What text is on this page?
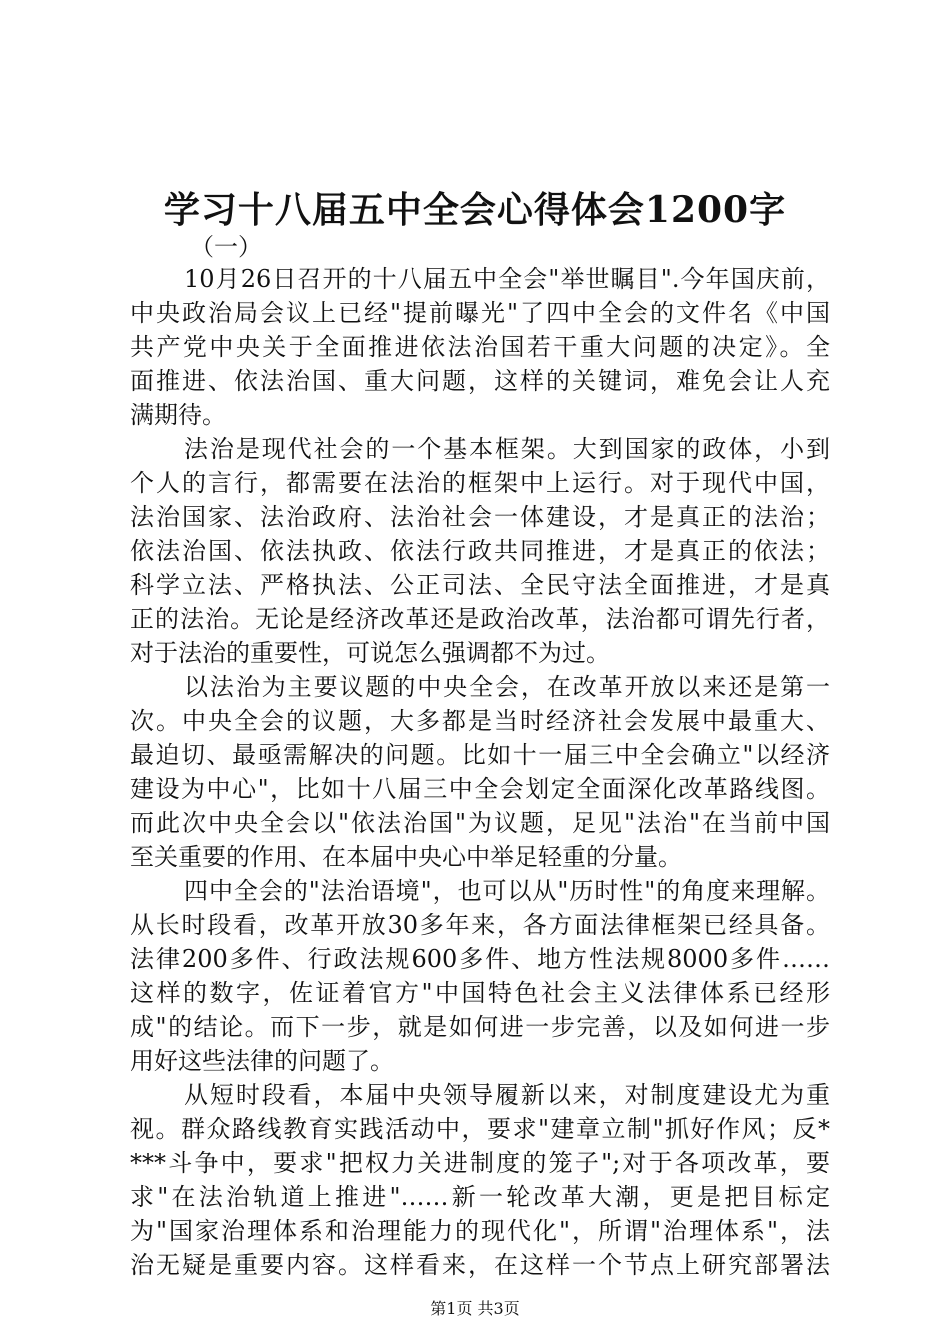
学习十八届五中全会心得体会1200字
（一）
10月26日召开的十八届五中全会"举世瞩目".今年国庆前，
中央政治局会议上已经"提前曝光"了四中全会的文件名《中国
共产党中央关于全面推进依法治国若干重大问题的决定》。全
面推进、依法治国、重大问题，这样的关键词，难免会让人充
满期待。
法治是现代社会的一个基本框架。大到国家的政体，小到
个人的言行，都需要在法治的框架中上运行。对于现代中国，
法治国家、法治政府、法治社会一体建设，才是真正的法治；
依法治国、依法执政、依法行政共同推进，才是真正的依法；
科学立法、严格执法、公正司法、全民守法全面推进，才是真
正的法治。无论是经济改革还是政治改革，法治都可谓先行者，
对于法治的重要性，可说怎么强调都不为过。
以法治为主要议题的中央全会，在改革开放以来还是第一
次。中央全会的议题，大多都是当时经济社会发展中最重大、
最迫切、最亟需解决的问题。比如十一届三中全会确立"以经济
建设为中心"，比如十八届三中全会划定全面深化改革路线图。
而此次中央全会以"依法治国"为议题，足见"法治"在当前中国
至关重要的作用、在本届中央心中举足轻重的分量。
四中全会的"法治语境"，也可以从"历时性"的角度来理解。
从长时段看，改革开放30多年来，各方面法律框架已经具备。
法律200多件、行政法规600多件、地方性法规8000多件……
这样的数字，佐证着官方"中国特色社会主义法律体系已经形
成"的结论。而下一步，就是如何进一步完善，以及如何进一步
用好这些法律的问题了。
从短时段看，本届中央领导履新以来，对制度建设尤为重
视。群众路线教育实践活动中，要求"建章立制"抓好作风；反*
***斗争中，要求"把权力关进制度的笼子";对于各项改革，要
求"在法治轨道上推进"……新一轮改革大潮，更是把目标定
为"国家治理体系和治理能力的现代化"，所谓"治理体系"，法
治无疑是重要内容。这样看来，在这样一个节点上研究部署法
第1页 共3页
